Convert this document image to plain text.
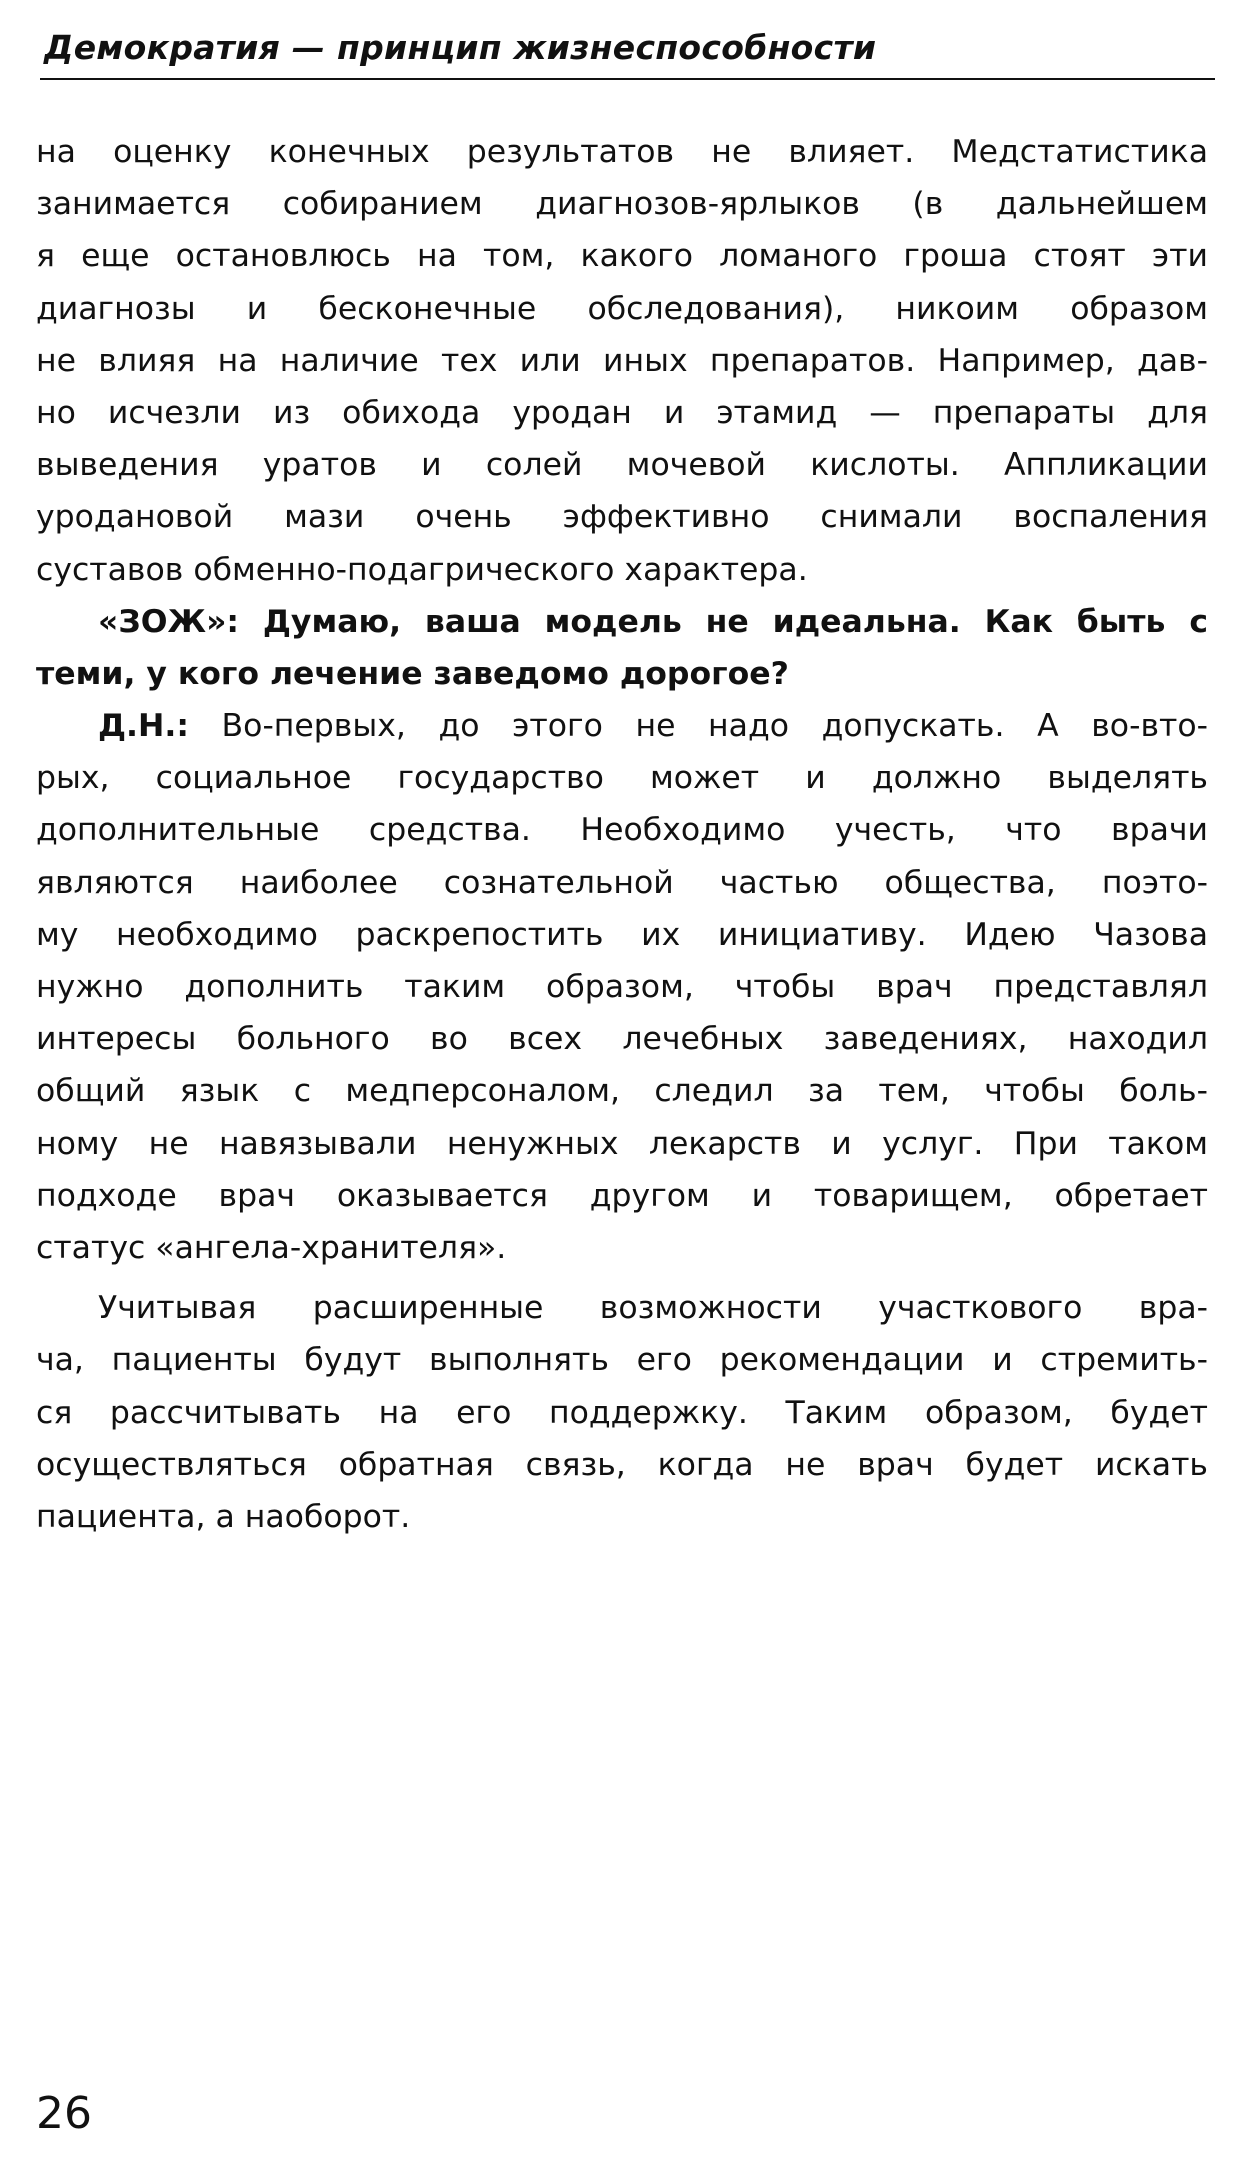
Демократия — принцип жизнеспособности

на оценку конечных результатов не влияет. Медстатистика
занимается собиранием диагнозов-ярлыков (в дальнейшем
я еще остановлюсь на том, какого ломаного гроша стоят эти
диагнозы и бесконечные обследования), никоим образом
не влияя на наличие тех или иных препаратов. Например, дав-
но исчезли из обихода уродан и этамид — препараты для
выведения уратов и солей мочевой кислоты. Аппликации
уродановой мази очень эффективно снимали воспаления
суставов обменно-подагрического характера.

«ЗОЖ»: Думаю, ваша модель не идеальна. Как быть с
теми, у кого лечение заведомо дорогое?

Д.Н.: Во-первых, до этого не надо допускать. А во-вто-
рых, социальное государство может и должно выделять
дополнительные средства. Необходимо учесть, что врачи
являются наиболее сознательной частью общества, поэто-
му необходимо раскрепостить их инициативу. Идею Чазова
нужно дополнить таким образом, чтобы врач представлял
интересы больного во всех лечебных заведениях, находил
общий язык с медперсоналом, следил за тем, чтобы боль-
ному не навязывали ненужных лекарств и услуг. При таком
подходе врач оказывается другом и товарищем, обретает
статус «ангела-хранителя».

Учитывая расширенные возможности участкового вра-
ча, пациенты будут выполнять его рекомендации и стремить-
ся рассчитывать на его поддержку. Таким образом, будет
осуществляться обратная связь, когда не врач будет искать
пациента, а наоборот.

26
